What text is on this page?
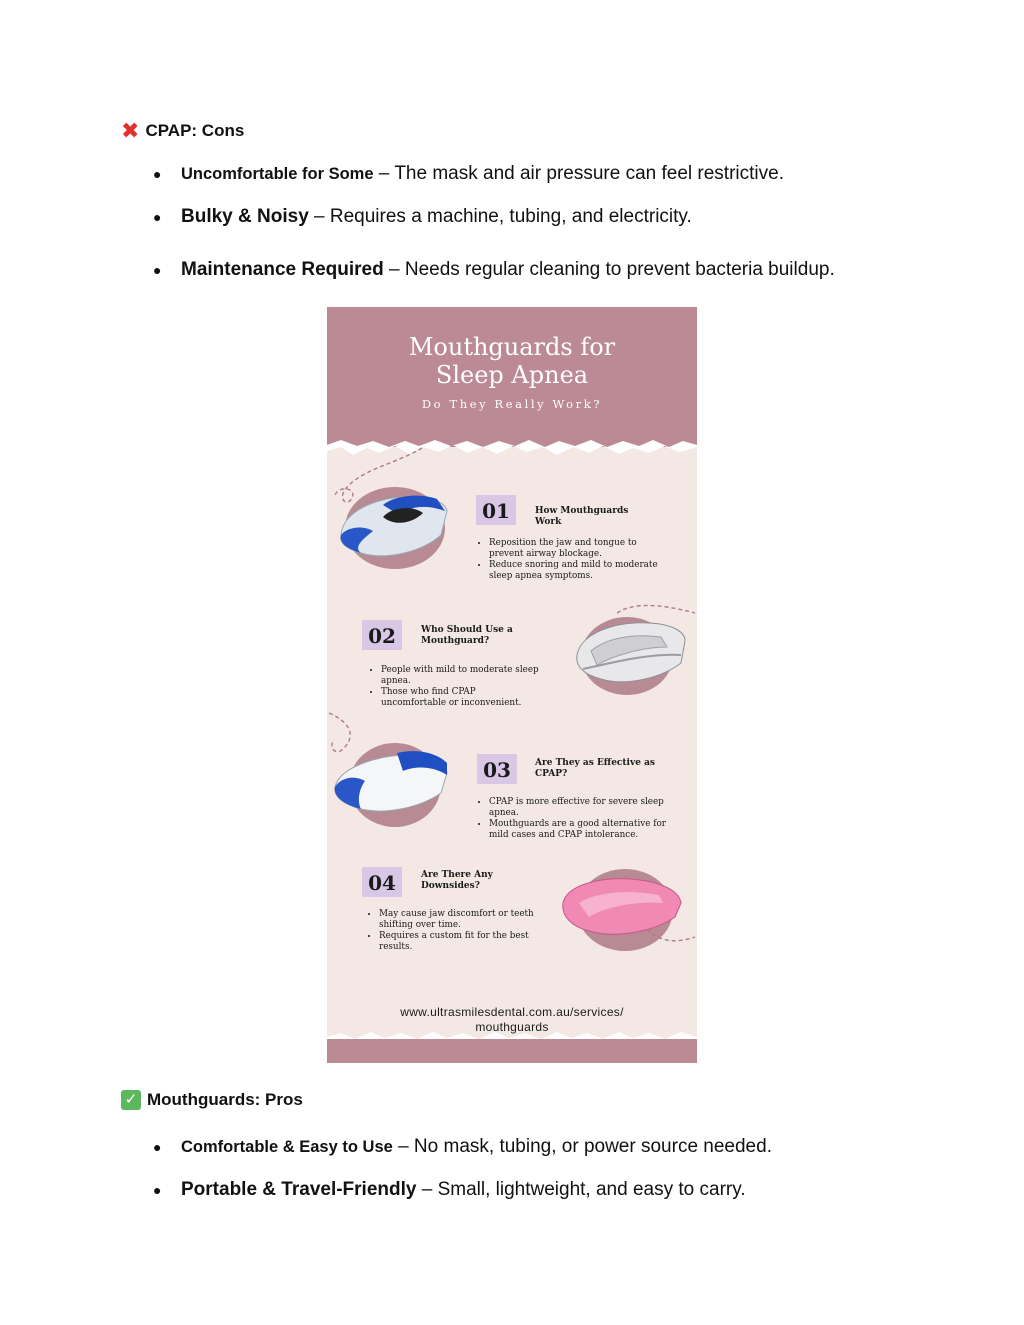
✖ CPAP: Cons
●	Uncomfortable for Some – The mask and air pressure can feel restrictive.
●	Bulky & Noisy – Requires a machine, tubing, and electricity.
●	Maintenance Required – Needs regular cleaning to prevent bacteria buildup.
Mouthguards for
Sleep Apnea
Do They Really Work?
01	How Mouthguards Work
• Reposition the jaw and tongue to prevent airway blockage.
• Reduce snoring and mild to moderate sleep apnea symptoms.
02	Who Should Use a Mouthguard?
• People with mild to moderate sleep apnea.
• Those who find CPAP uncomfortable or inconvenient.
03	Are They as Effective as CPAP?
• CPAP is more effective for severe sleep apnea.
• Mouthguards are a good alternative for mild cases and CPAP intolerance.
04	Are There Any Downsides?
• May cause jaw discomfort or teeth shifting over time.
• Requires a custom fit for the best results.
www.ultrasmilesdental.com.au/services/
mouthguards
✓ Mouthguards: Pros
●	Comfortable & Easy to Use – No mask, tubing, or power source needed.
●	Portable & Travel-Friendly – Small, lightweight, and easy to carry.
